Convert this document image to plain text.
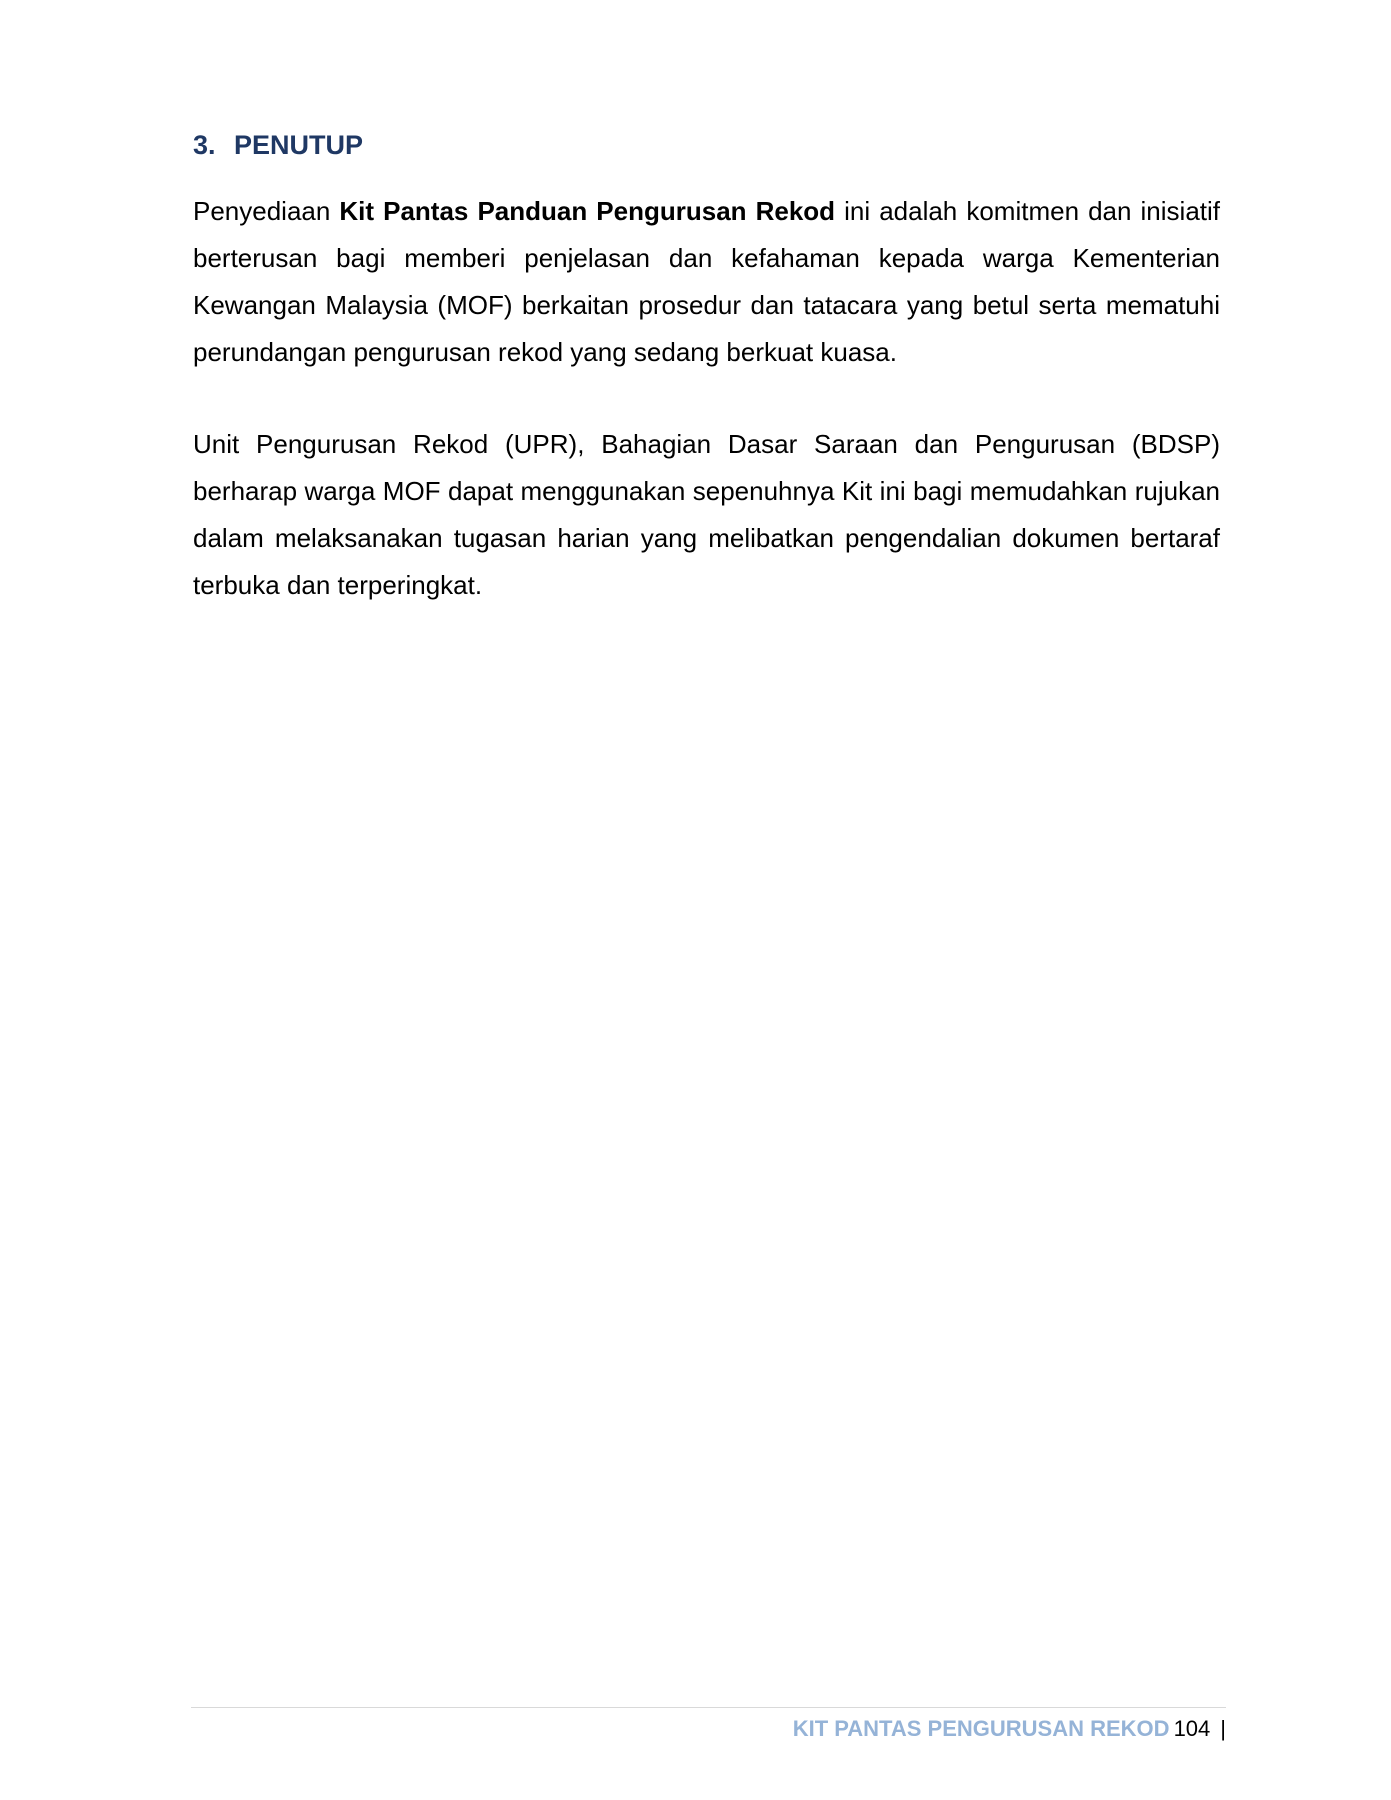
3. PENUTUP

Penyediaan Kit Pantas Panduan Pengurusan Rekod ini adalah komitmen dan inisiatif berterusan bagi memberi penjelasan dan kefahaman kepada warga Kementerian Kewangan Malaysia (MOF) berkaitan prosedur dan tatacara yang betul serta mematuhi perundangan pengurusan rekod yang sedang berkuat kuasa.

Unit Pengurusan Rekod (UPR), Bahagian Dasar Saraan dan Pengurusan (BDSP) berharap warga MOF dapat menggunakan sepenuhnya Kit ini bagi memudahkan rujukan dalam melaksanakan tugasan harian yang melibatkan pengendalian dokumen bertaraf terbuka dan terperingkat.

KIT PANTAS PENGURUSAN REKOD 104 |
